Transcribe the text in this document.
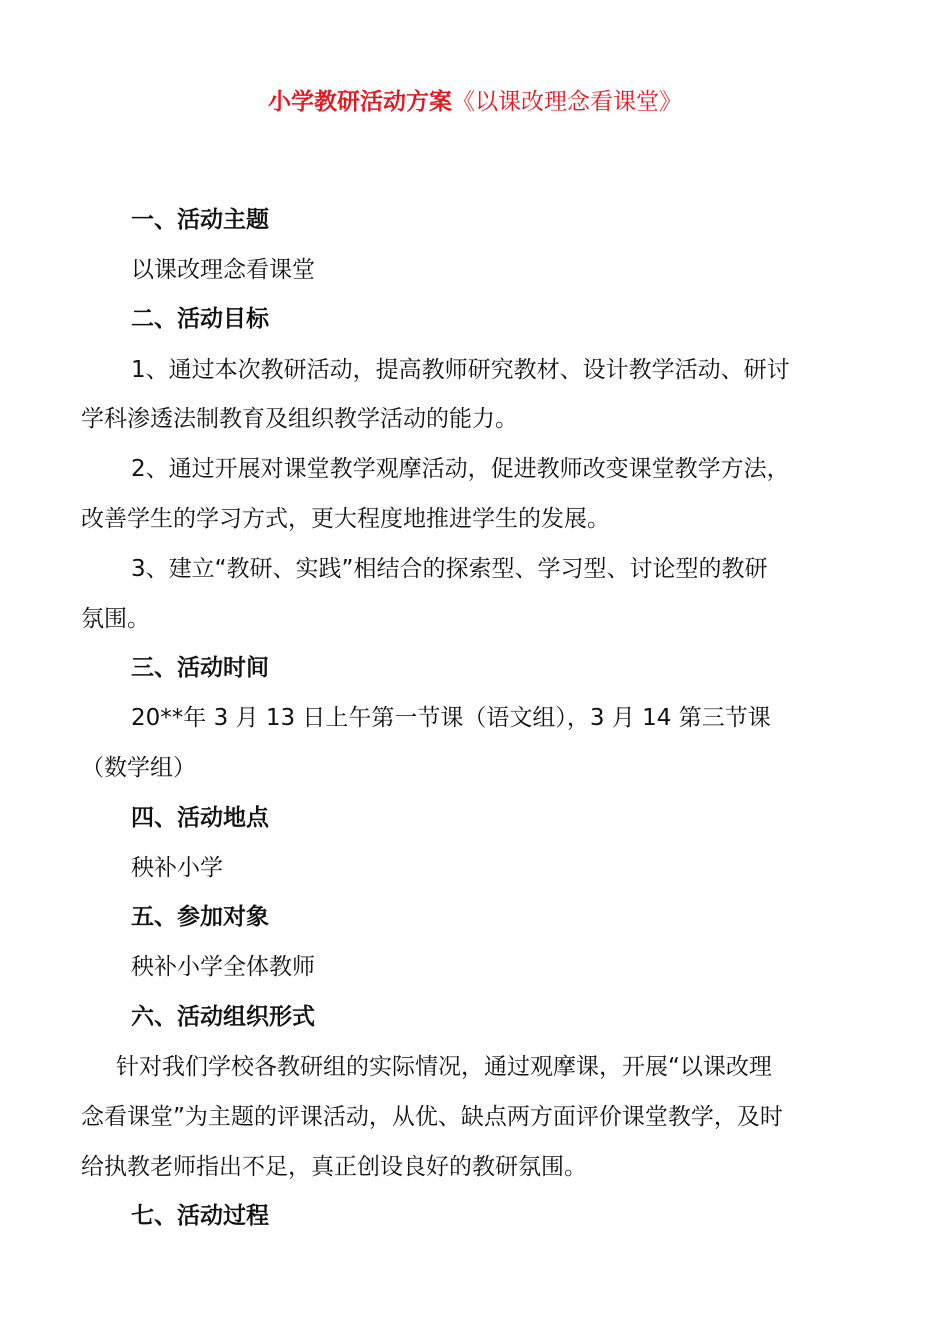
小学教研活动方案《以课改理念看课堂》
一、活动主题
以课改理念看课堂
二、活动目标
1、通过本次教研活动，提高教师研究教材、设计教学活动、研讨
学科渗透法制教育及组织教学活动的能力。
2、通过开展对课堂教学观摩活动，促进教师改变课堂教学方法，
改善学生的学习方式，更大程度地推进学生的发展。
3、建立“教研、实践”相结合的探索型、学习型、讨论型的教研
氛围。
三、活动时间
20**年 3 月 13 日上午第一节课（语文组），3 月 14 第三节课
（数学组）
四、活动地点
秧补小学
五、参加对象
秧补小学全体教师
六、活动组织形式
针对我们学校各教研组的实际情况，通过观摩课，开展“以课改理
念看课堂”为主题的评课活动，从优、缺点两方面评价课堂教学，及时
给执教老师指出不足，真正创设良好的教研氛围。
七、活动过程
